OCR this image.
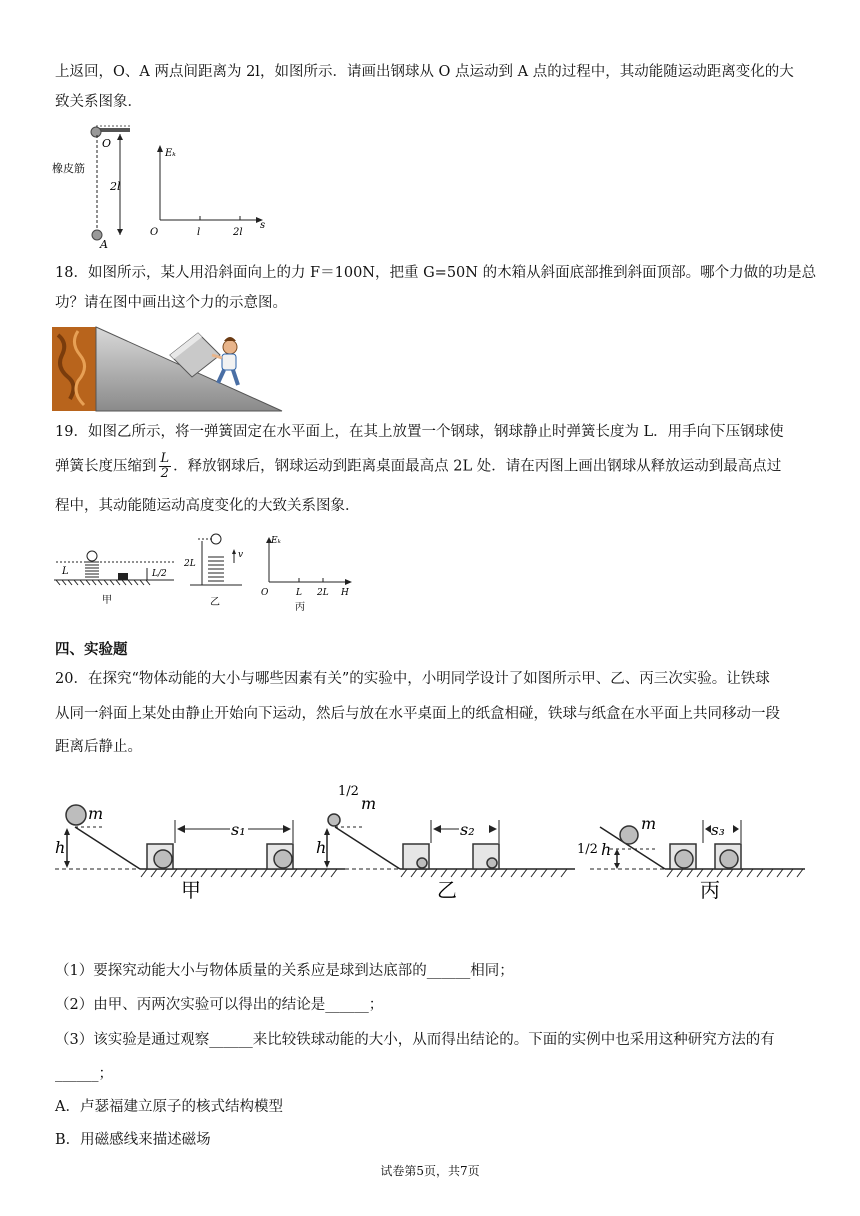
上返回，O、A 两点间距离为 2l，如图所示．请画出钢球从 O 点运动到 A 点的过程中，其动能随运动距离变化的大

致关系图象．

O
橡皮筋
2l
A
Eₖ
s
O	l	2l

18．如图所示，某人用沿斜面向上的力 F＝100N，把重 G=50N 的木箱从斜面底部推到斜面顶部。哪个力做的功是总

功？请在图中画出这个力的示意图。

19．如图乙所示，将一弹簧固定在水平面上，在其上放置一个钢球，钢球静止时弹簧长度为 L．用手向下压钢球使

弹簧长度压缩到 $\frac{L}{2}$ ．释放钢球后，钢球运动到距离桌面最高点 2L 处．请在丙图上画出钢球从释放运动到最高点过

程中，其动能随运动高度变化的大致关系图象．

L	L/2
甲
2L
v
乙
Eₖ
O	L 2L H
丙

四、实验题

20．在探究“物体动能的大小与哪些因素有关”的实验中，小明同学设计了如图所示甲、乙、丙三次实验。让铁球

从同一斜面上某处由静止开始向下运动，然后与放在水平桌面上的纸盒相碰，铁球与纸盒在水平面上共同移动一段

距离后静止。

m
h
s₁
甲
1/2
m
h
s₂
乙
1/2 h
m	s₃
丙

（1）要探究动能大小与物体质量的关系应是球到达底部的______相同；

（2）由甲、丙两次实验可以得出的结论是______；

（3）该实验是通过观察______来比较铁球动能的大小，从而得出结论的。下面的实例中也采用这种研究方法的有

______；

A．卢瑟福建立原子的核式结构模型

B．用磁感线来描述磁场

试卷第5页，共7页
